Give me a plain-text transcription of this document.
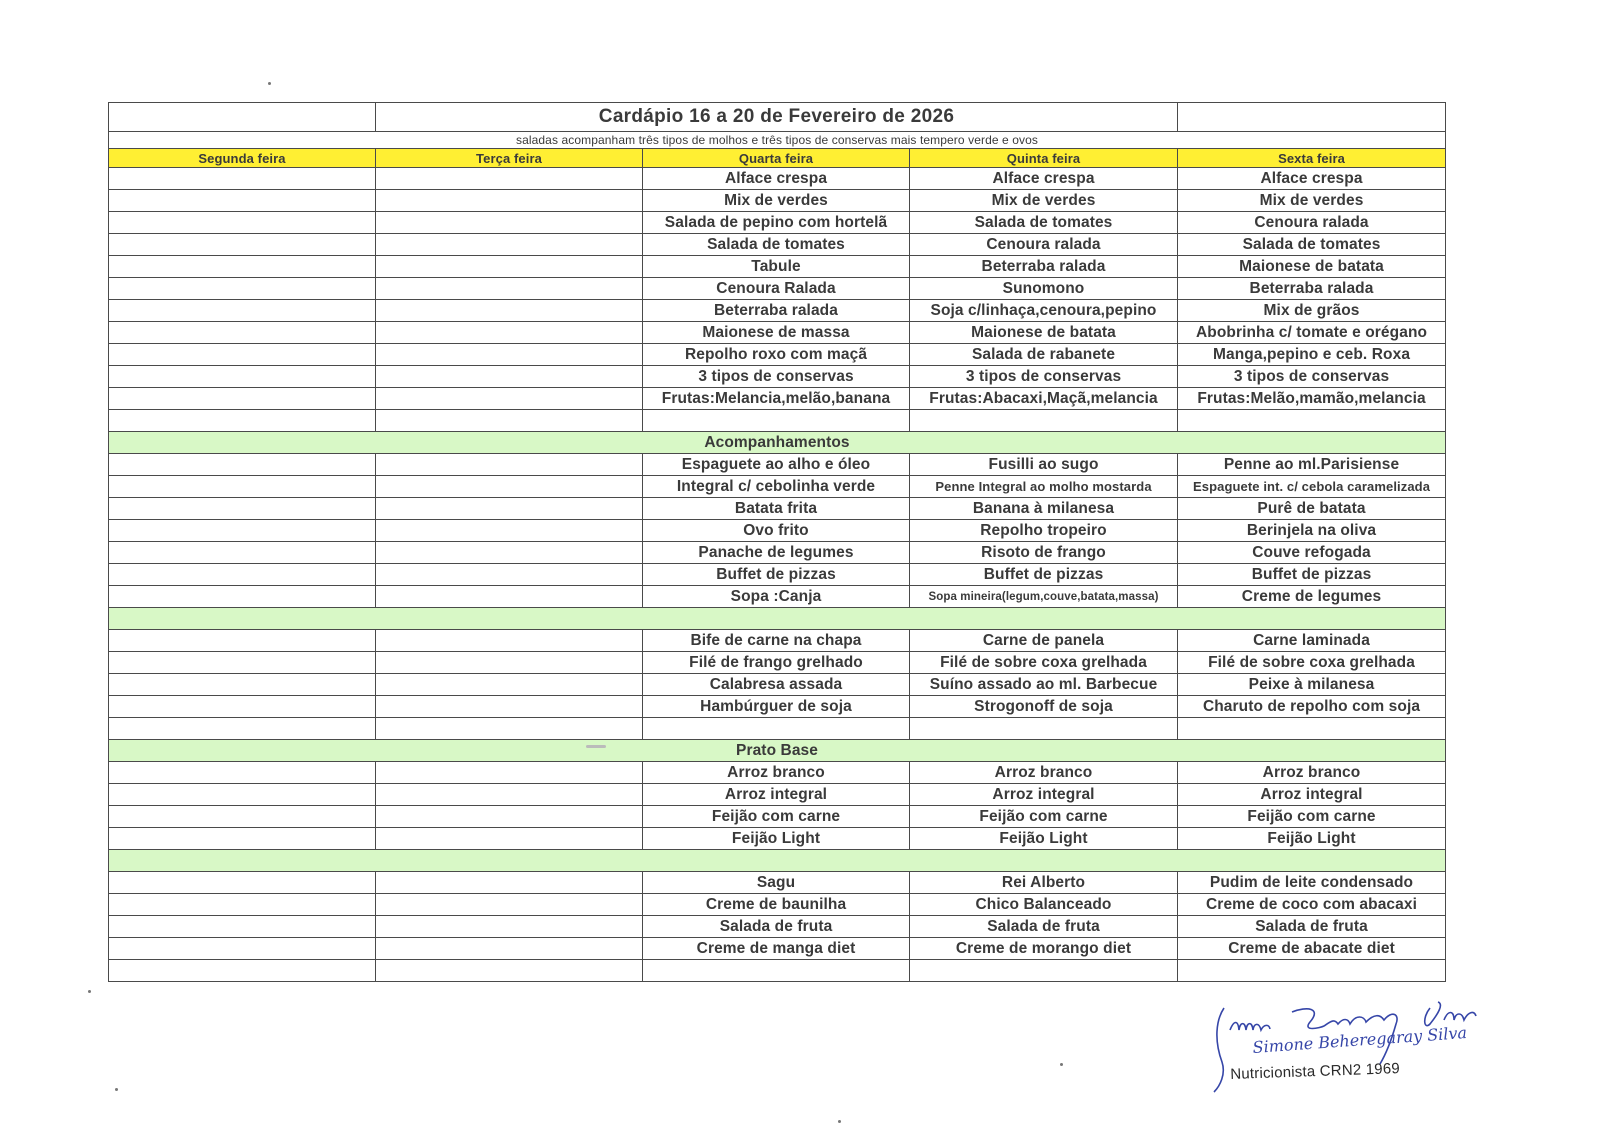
	Cardápio 16 a 20 de Fevereiro de 2026			
saladas acompanham três tipos de molhos e três tipos de conservas mais tempero verde e ovos				
Segunda feira	Terça feira	Quarta feira	Quinta feira	Sexta feira
		Alface crespa	Alface crespa	Alface crespa
		Mix de verdes	Mix de verdes	Mix de verdes
		Salada de pepino com hortelã	Salada de tomates	Cenoura ralada
		Salada de tomates	Cenoura ralada	Salada de tomates
		Tabule	Beterraba ralada	Maionese de batata
		Cenoura Ralada	Sunomono	Beterraba ralada
		Beterraba ralada	Soja c/linhaça,cenoura,pepino	Mix de grãos
		Maionese de massa	Maionese de batata	Abobrinha c/ tomate e orégano
		Repolho roxo com maçã	Salada de rabanete	Manga,pepino e ceb. Roxa
		3 tipos de conservas	3 tipos de conservas	3 tipos de conservas
		Frutas:Melancia,melão,banana	Frutas:Abacaxi,Maçã,melancia	Frutas:Melão,mamão,melancia

Acompanhamentos				
		Espaguete ao alho e óleo	Fusilli ao sugo	Penne ao ml.Parisiense
		Integral c/ cebolinha verde	Penne Integral ao molho mostarda	Espaguete int. c/ cebola caramelizada
		Batata frita	Banana à milanesa	Purê de batata
		Ovo frito	Repolho tropeiro	Berinjela na oliva
		Panache de legumes	Risoto de frango	Couve refogada
		Buffet de pizzas	Buffet de pizzas	Buffet de pizzas
		Sopa :Canja	Sopa mineira(legum,couve,batata,massa)	Creme de legumes

		Bife de carne na chapa	Carne de panela	Carne laminada
		Filé de frango grelhado	Filé de sobre coxa grelhada	Filé de sobre coxa grelhada
		Calabresa assada	Suíno assado ao ml. Barbecue	Peixe à milanesa
		Hambúrguer de soja	Strogonoff de soja	Charuto de repolho com soja

Prato Base				
		Arroz branco	Arroz branco	Arroz branco
		Arroz integral	Arroz integral	Arroz integral
		Feijão com carne	Feijão com carne	Feijão com carne
		Feijão Light	Feijão Light	Feijão Light

		Sagu	Rei Alberto	Pudim de leite condensado
		Creme de baunilha	Chico Balanceado	Creme de coco com abacaxi
		Salada de fruta	Salada de fruta	Salada de fruta
		Creme de manga diet	Creme de morango diet	Creme de abacate diet

Simone Beheregaray Silva
Nutricionista CRN2 1969
